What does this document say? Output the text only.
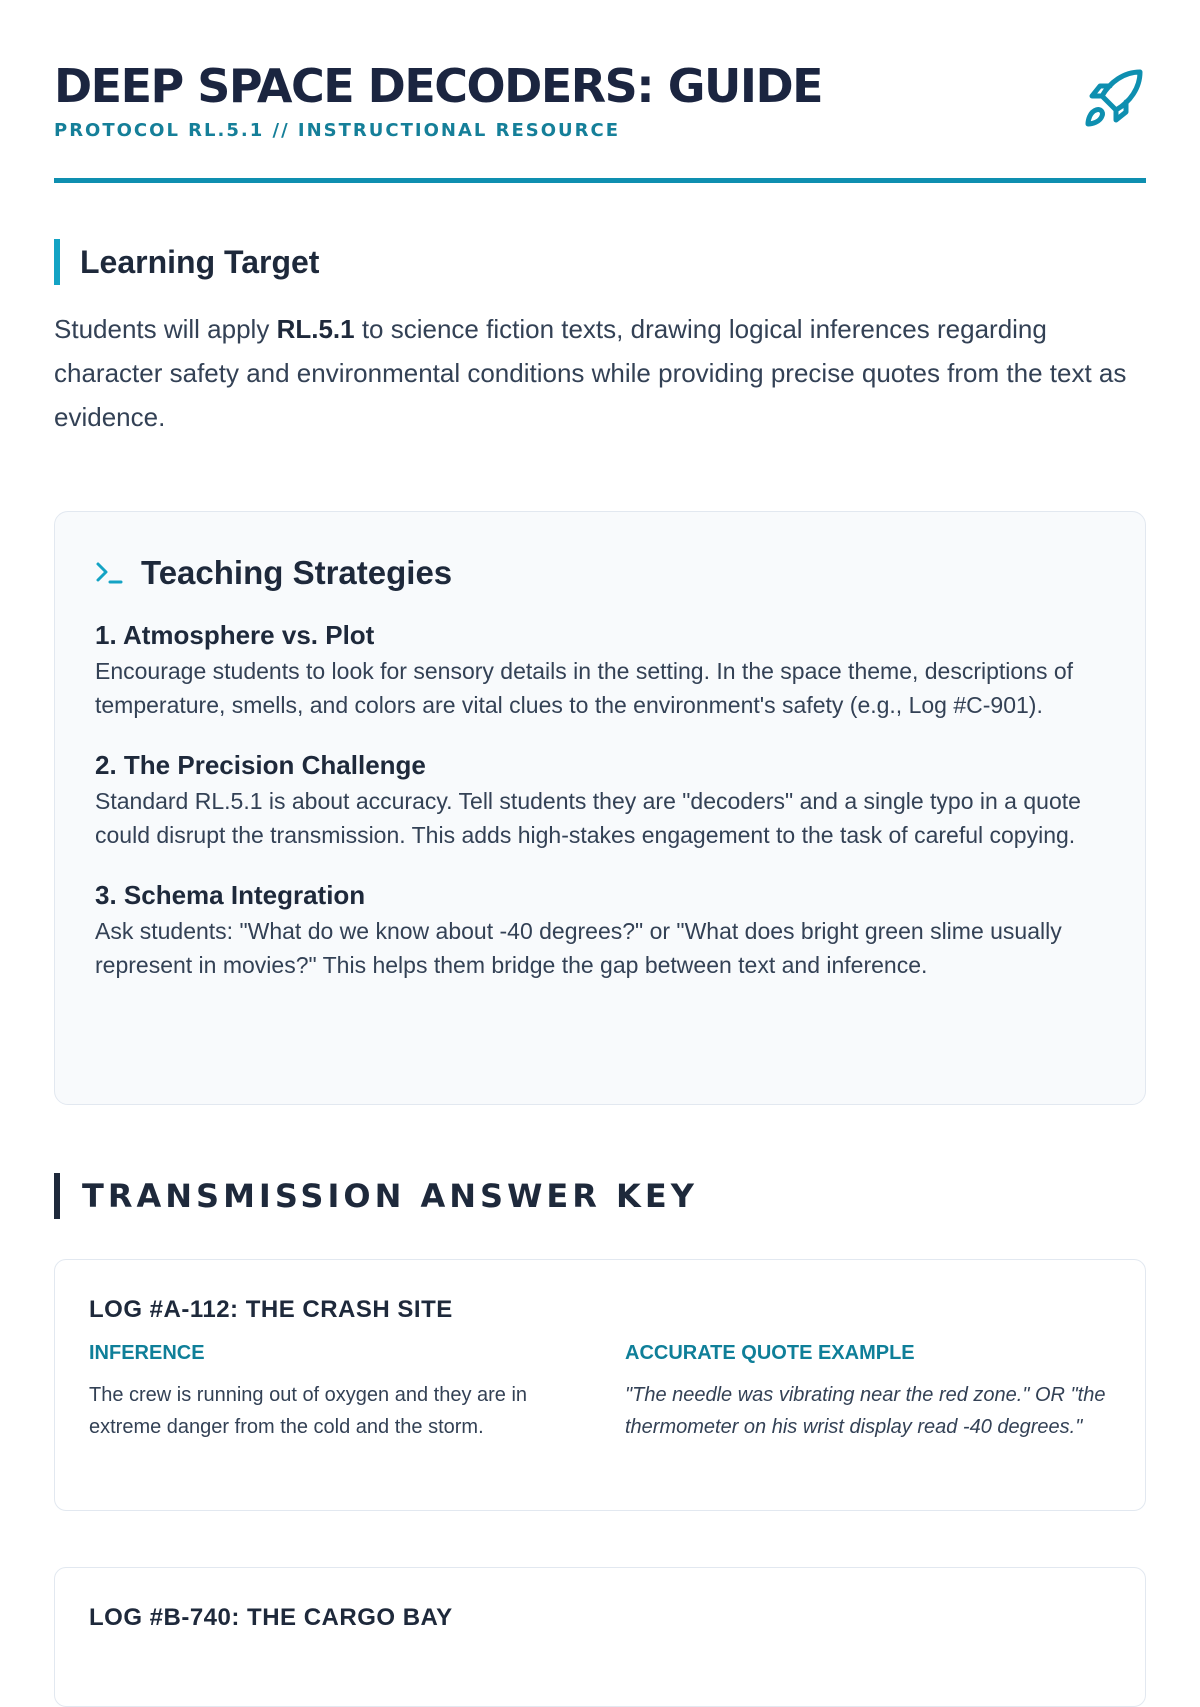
DEEP SPACE DECODERS: GUIDE
PROTOCOL RL.5.1 // INSTRUCTIONAL RESOURCE
Learning Target
Students will apply RL.5.1 to science fiction texts, drawing logical inferences regarding character safety and environmental conditions while providing precise quotes from the text as evidence.
Teaching Strategies
1. Atmosphere vs. Plot
Encourage students to look for sensory details in the setting. In the space theme, descriptions of temperature, smells, and colors are vital clues to the environment's safety (e.g., Log #C-901).
2. The Precision Challenge
Standard RL.5.1 is about accuracy. Tell students they are "decoders" and a single typo in a quote could disrupt the transmission. This adds high-stakes engagement to the task of careful copying.
3. Schema Integration
Ask students: "What do we know about -40 degrees?" or "What does bright green slime usually represent in movies?" This helps them bridge the gap between text and inference.
TRANSMISSION ANSWER KEY
LOG #A-112: THE CRASH SITE
INFERENCE
The crew is running out of oxygen and they are in extreme danger from the cold and the storm.
ACCURATE QUOTE EXAMPLE
"The needle was vibrating near the red zone." OR "the thermometer on his wrist display read -40 degrees."
LOG #B-740: THE CARGO BAY
